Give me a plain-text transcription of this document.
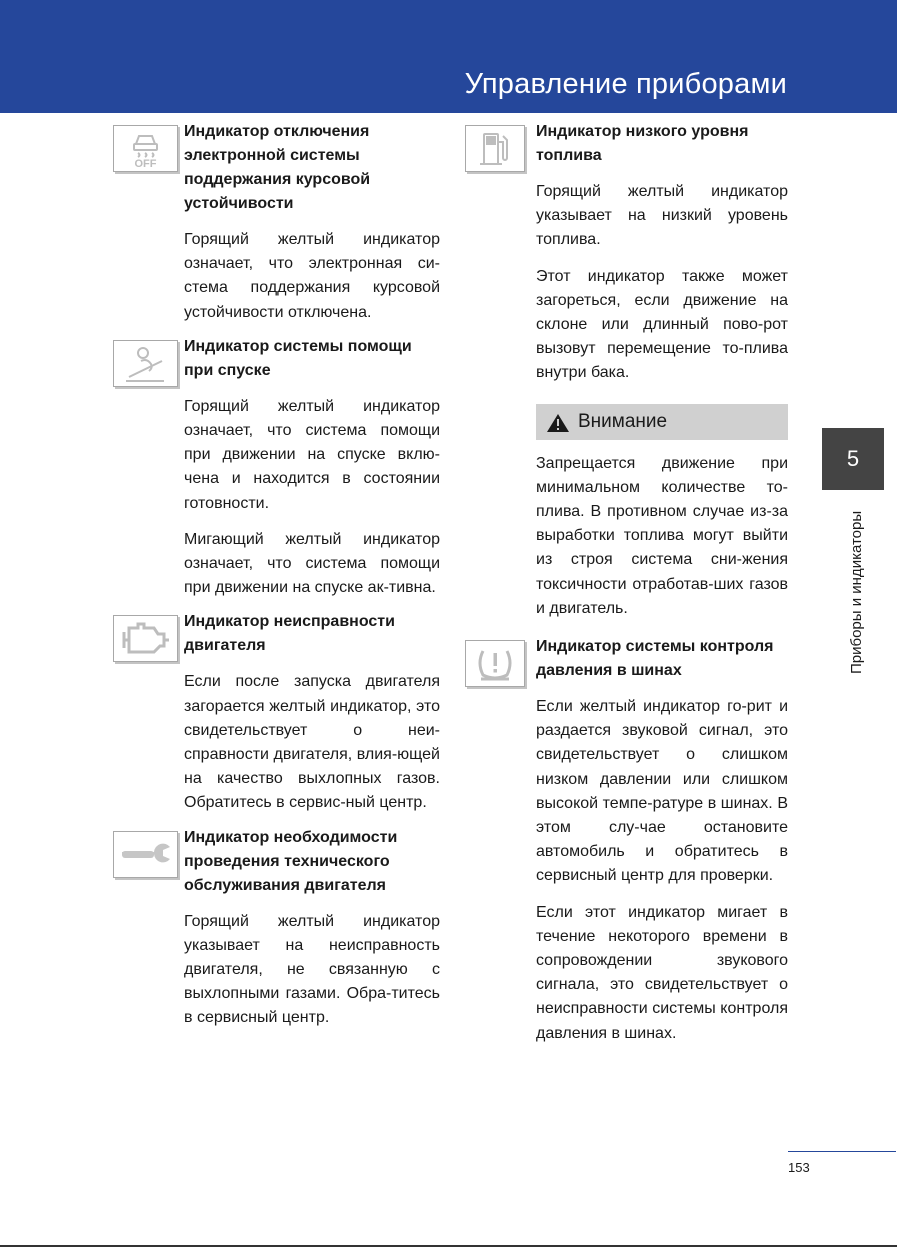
Управление приборами
OFF
Индикатор отключения электронной системы поддержания курсовой устойчивости
Горящий желтый индикатор означает, что электронная си-стема поддержания курсовой устойчивости отключена.
Индикатор системы помощи при спуске
Горящий желтый индикатор означает, что система помощи при движении на спуске вклю-чена и находится в состоянии готовности.
Мигающий желтый индикатор означает, что система помощи при движении на спуске ак-тивна.
Индикатор неисправности двигателя
Если после запуска двигателя загорается желтый индикатор, это свидетельствует о неи-справности двигателя, влия-ющей на качество выхлопных газов. Обратитесь в сервис-ный центр.
Индикатор необходимости проведения технического обслуживания двигателя
Горящий желтый индикатор указывает на неисправность двигателя, не связанную с выхлопными газами. Обра-титесь в сервисный центр.
Индикатор низкого уровня топлива
Горящий желтый индикатор указывает на низкий уровень топлива.
Этот индикатор также может загореться, если движение на склоне или длинный пово-рот вызовут перемещение то-плива внутри бака.
Внимание
Запрещается движение при минимальном количестве то-плива. В противном случае из-за выработки топлива могут выйти из строя система сни-жения токсичности отработав-ших газов и двигатель.
Индикатор системы контроля давления в шинах
Если желтый индикатор го-рит и раздается звуковой сигнал, это свидетельствует о слишком низком давлении или слишком высокой темпе-ратуре в шинах. В этом слу-чае остановите автомобиль и обратитесь в сервисный центр для проверки.
Если этот индикатор мигает в течение некоторого времени в сопровождении звукового сигнала, это свидетельствует о неисправности системы контроля давления в шинах.
5
Приборы и индикаторы
153
